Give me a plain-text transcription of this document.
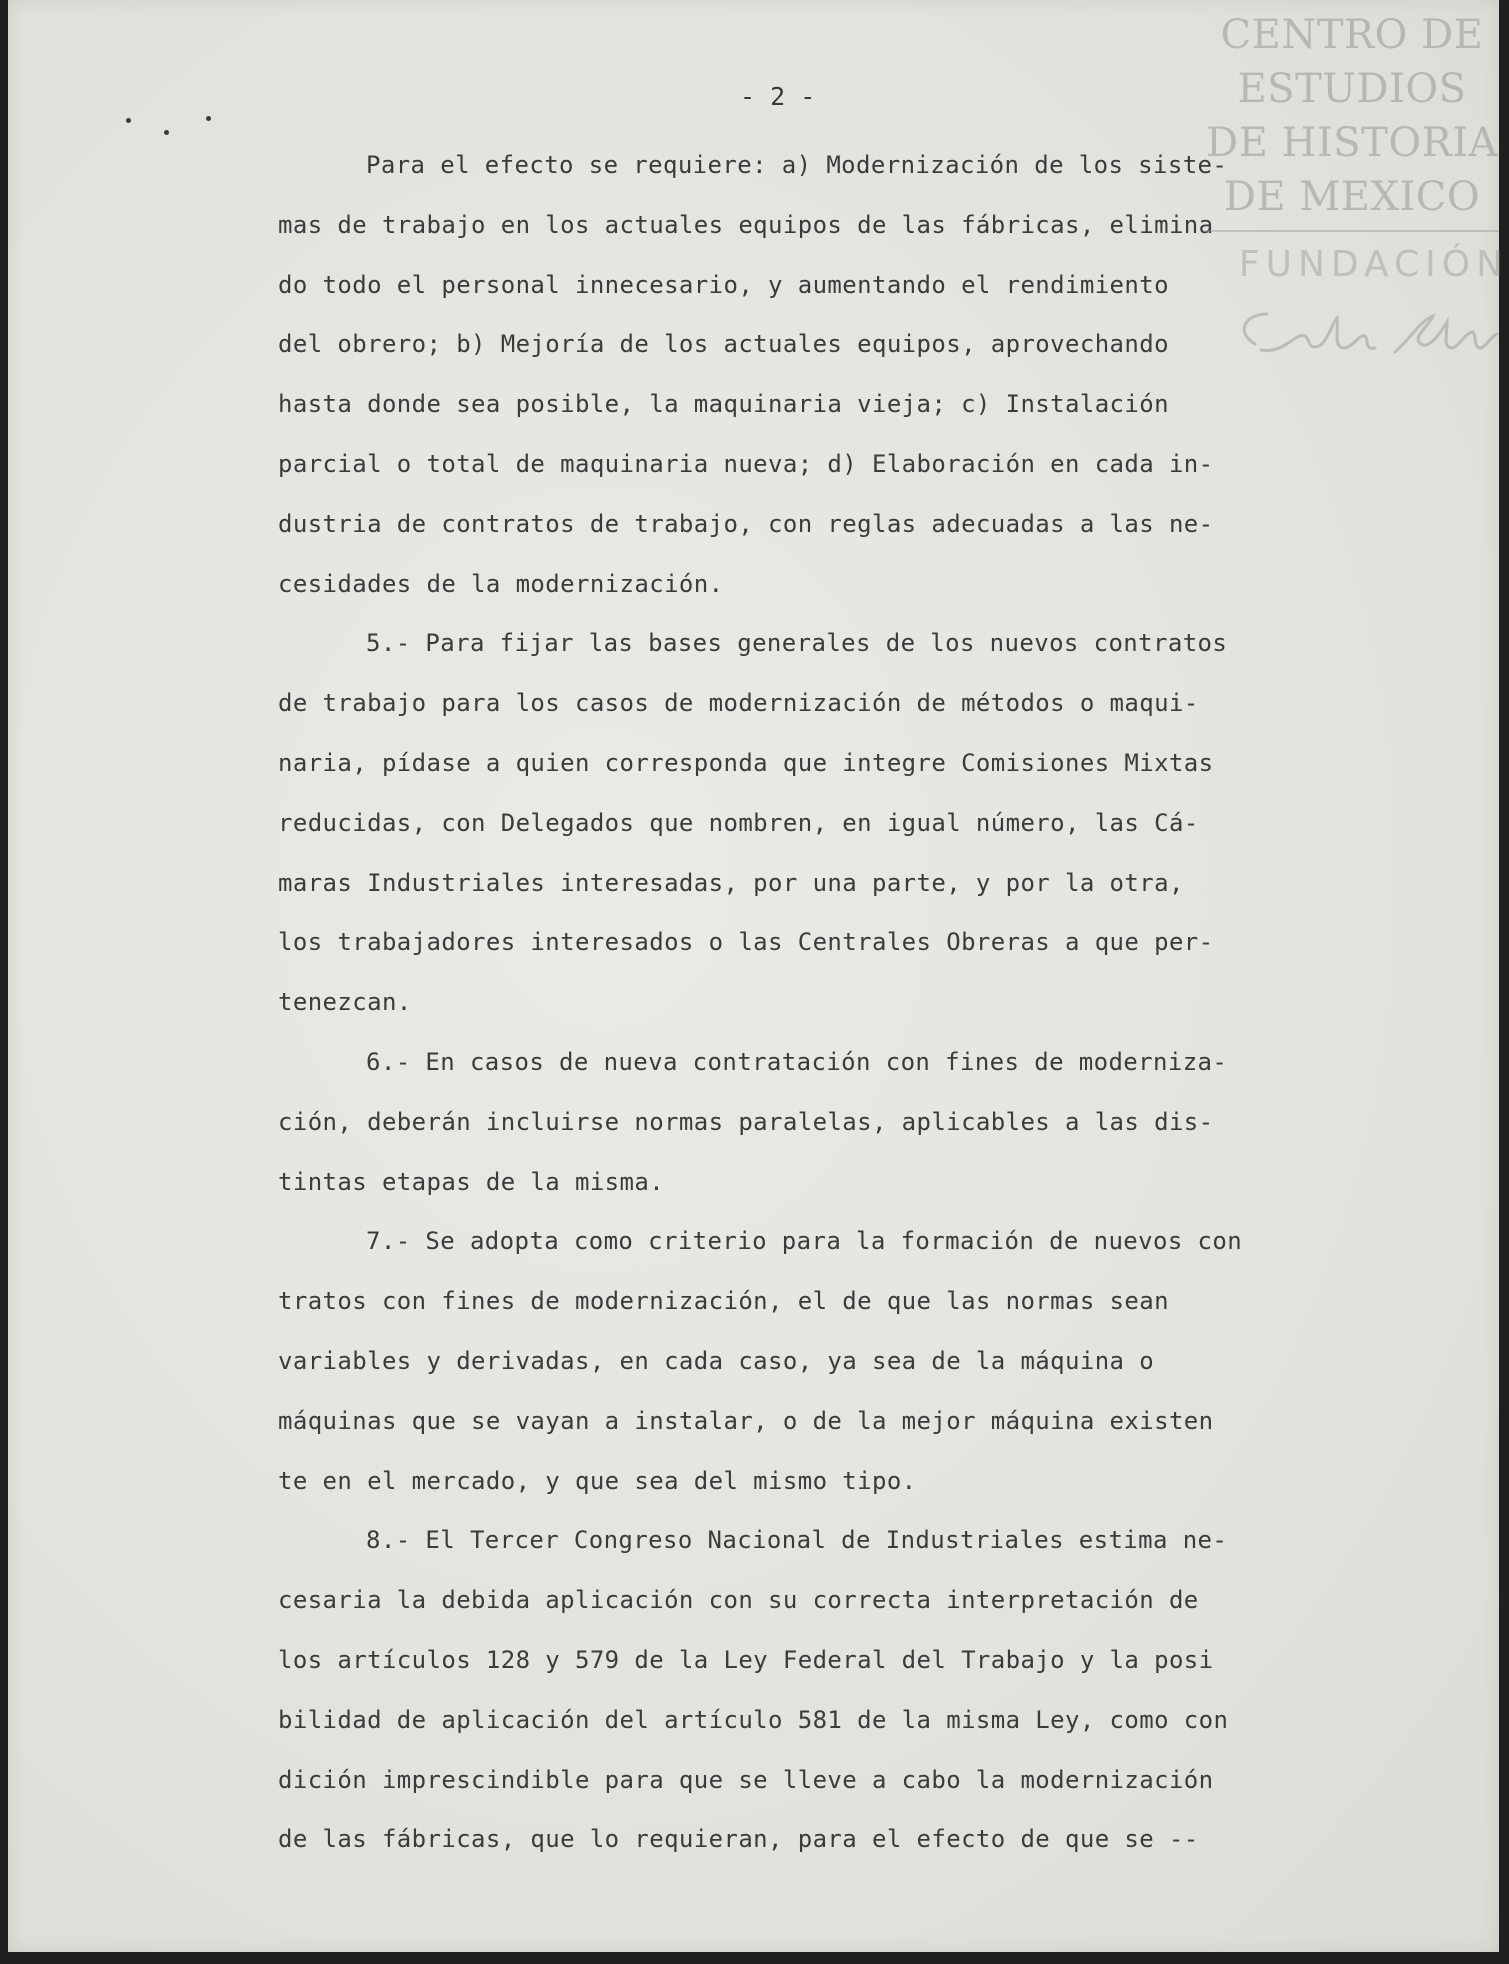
- 2 -
Para el efecto se requiere: a) Modernización de los siste-
mas de trabajo en los actuales equipos de las fábricas, elimina
do todo el personal innecesario, y aumentando el rendimiento
del obrero; b) Mejoría de los actuales equipos, aprovechando
hasta donde sea posible, la maquinaria vieja; c) Instalación
parcial o total de maquinaria nueva; d) Elaboración en cada in-
dustria de contratos de trabajo, con reglas adecuadas a las ne-
cesidades de la modernización.
5.- Para fijar las bases generales de los nuevos contratos
de trabajo para los casos de modernización de métodos o maqui-
naria, pídase a quien corresponda que integre Comisiones Mixtas
reducidas, con Delegados que nombren, en igual número, las Cá-
maras Industriales interesadas, por una parte, y por la otra,
los trabajadores interesados o las Centrales Obreras a que per-
tenezcan.
6.- En casos de nueva contratación con fines de moderniza-
ción, deberán incluirse normas paralelas, aplicables a las dis-
tintas etapas de la misma.
7.- Se adopta como criterio para la formación de nuevos con
tratos con fines de modernización, el de que las normas sean
variables y derivadas, en cada caso, ya sea de la máquina o
máquinas que se vayan a instalar, o de la mejor máquina existen
te en el mercado, y que sea del mismo tipo.
8.- El Tercer Congreso Nacional de Industriales estima ne-
cesaria la debida aplicación con su correcta interpretación de
los artículos 128 y 579 de la Ley Federal del Trabajo y la posi
bilidad de aplicación del artículo 581 de la misma Ley, como con
dición imprescindible para que se lleve a cabo la modernización
de las fábricas, que lo requieran, para el efecto de que se --
CENTRO DE
ESTUDIOS
DE HISTORIA
DE MEXICO
FUNDACIÓN
